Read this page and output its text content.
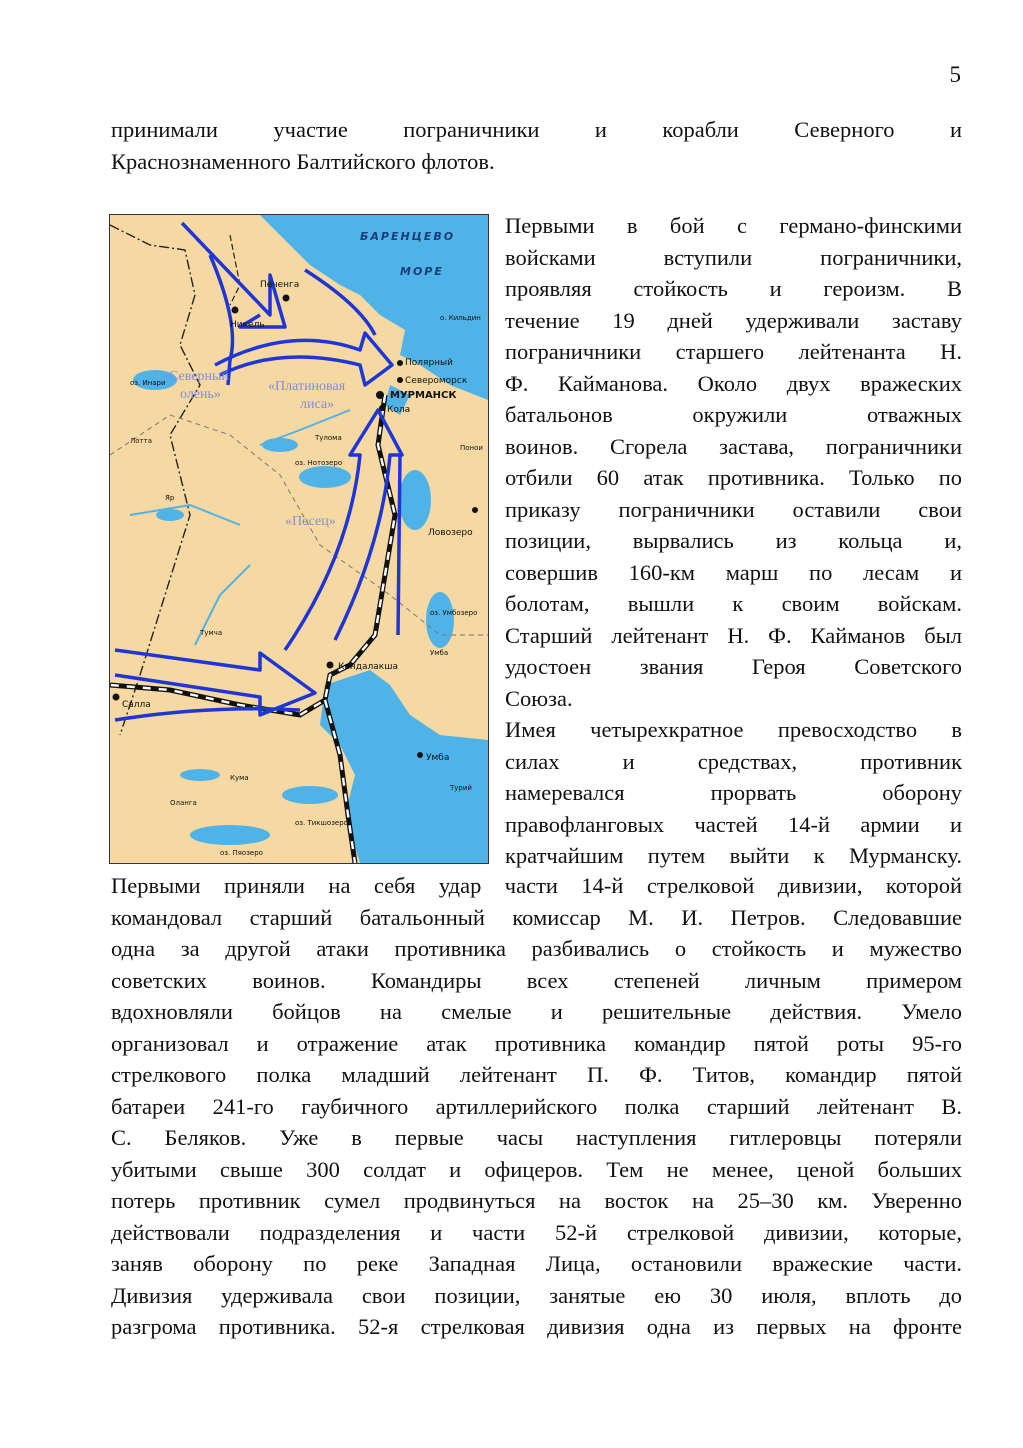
5
принимали участие пограничники и корабли Северного и
Краснознаменного Балтийского флотов.
БАРЕНЦЕВО
МОРЕ
Печенга
Никель
оз. Инари
о. Кильдин
Полярный
Североморск
МУРМАНСК
Кола
«Северный
олень»
«Платиновая
лиса»
оз. Нотозеро
«Песец»
Ловозеро
оз. Умбозеро
Кандалакша
Салла
Умба
Турий
Кума
оз. Тикшозеро
оз. Пяозеро
Оланга
Тулома
Лотта
Яр
Тумча
Умба
Понои
Первыми в бой с германо-финскими
войсками вступили пограничники,
проявляя стойкость и героизм. В
течение 19 дней удерживали заставу
пограничники старшего лейтенанта Н.
Ф. Кайманова. Около двух вражеских
батальонов окружили отважных
воинов. Сгорела застава, пограничники
отбили 60 атак противника. Только по
приказу пограничники оставили свои
позиции, вырвались из кольца и,
совершив 160-км марш по лесам и
болотам, вышли к своим войскам.
Старший лейтенант Н. Ф. Кайманов был
удостоен звания Героя Советского
Союза.
Имея четырехкратное превосходство в
силах и средствах, противник
намеревался прорвать оборону
правофланговых частей 14-й армии и
кратчайшим путем выйти к Мурманску.
Первыми приняли на себя удар части 14-й стрелковой дивизии, которой
командовал старший батальонный комиссар М. И. Петров. Следовавшие
одна за другой атаки противника разбивались о стойкость и мужество
советских воинов. Командиры всех степеней личным примером
вдохновляли бойцов на смелые и решительные действия. Умело
организовал и отражение атак противника командир пятой роты 95-го
стрелкового полка младший лейтенант П. Ф. Титов, командир пятой
батареи 241-го гаубичного артиллерийского полка старший лейтенант В.
С. Беляков. Уже в первые часы наступления гитлеровцы потеряли
убитыми свыше 300 солдат и офицеров. Тем не менее, ценой больших
потерь противник сумел продвинуться на восток на 25–30 км. Уверенно
действовали подразделения и части 52-й стрелковой дивизии, которые,
заняв оборону по реке Западная Лица, остановили вражеские части.
Дивизия удерживала свои позиции, занятые ею 30 июля, вплоть до
разгрома противника. 52-я стрелковая дивизия одна из первых на фронте
